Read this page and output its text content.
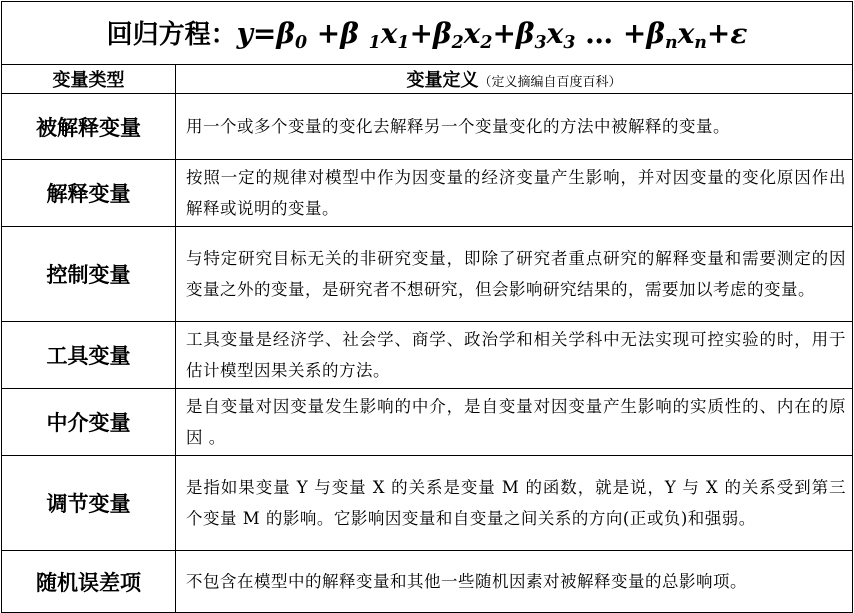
回归方程：$y=\beta_0 +\beta$ $_1x_1+\beta_2x_2+\beta_3x_3$ … $+\beta_nx_n+\varepsilon$	
变量类型	变量定义（定义摘编自百度百科）
被解释变量	用一个或多个变量的变化去解释另一个变量变化的方法中被解释的变量。
解释变量	按照一定的规律对模型中作为因变量的经济变量产生影响，并对因变量的变化原因作出解释或说明的变量。
控制变量	与特定研究目标无关的非研究变量，即除了研究者重点研究的解释变量和需要测定的因变量之外的变量，是研究者不想研究，但会影响研究结果的，需要加以考虑的变量。
工具变量	工具变量是经济学、社会学、商学、政治学和相关学科中无法实现可控实验的时，用于估计模型因果关系的方法。
中介变量	是自变量对因变量发生影响的中介，是自变量对因变量产生影响的实质性的、内在的原因 。
调节变量	是指如果变量 Y 与变量 X 的关系是变量 M 的函数，就是说，Y 与 X 的关系受到第三个变量 M 的影响。它影响因变量和自变量之间关系的方向(正或负)和强弱。
随机误差项	不包含在模型中的解释变量和其他一些随机因素对被解释变量的总影响项。
